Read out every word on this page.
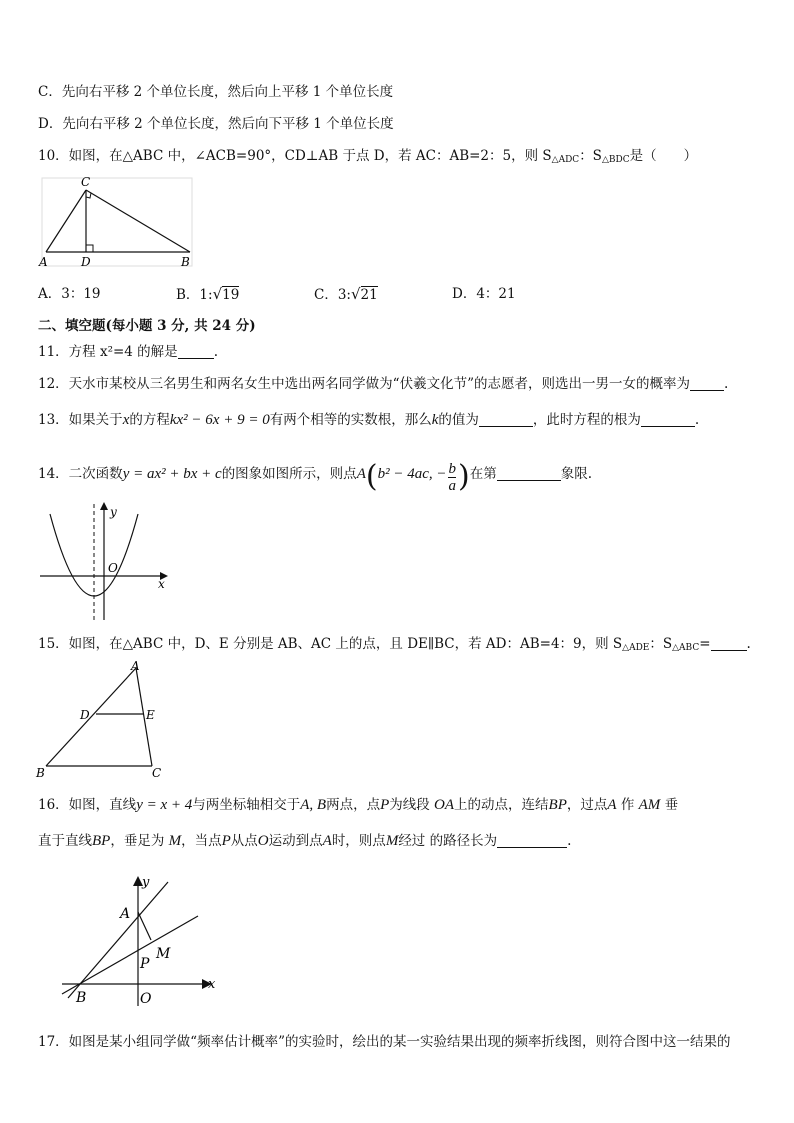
C．先向右平移 2 个单位长度，然后向上平移 1 个单位长度
D．先向右平移 2 个单位长度，然后向下平移 1 个单位长度
10．如图，在△ABC 中，∠ACB=90°，CD⊥AB 于点 D，若 AC：AB=2：5，则 $S_{\triangle ADC}$：$S_{\triangle BDC}$是（　　）
C
A	D	B
A．3：19	B．1:√19	C．3:√21	D．4：21
二、填空题(每小题 3 分, 共 24 分)
11．方程 x²=4 的解是	.
12．天水市某校从三名男生和两名女生中选出两名同学做为“伏羲文化节”的志愿者，则选出一男一女的概率为	.
13．如果关于x的方程kx² − 6x + 9 = 0有两个相等的实数根，那么k的值为	，此时方程的根为	.
14．二次函数y = ax² + bx + c的图象如图所示，则点A(b² − 4ac, − $\frac{b}{a}$ )在第	象限.
y
O
x
15．如图，在△ABC 中，D、E 分别是 AB、AC 上的点，且 DE∥BC，若 AD：AB=4：9，则 $S_{\triangle ADE}$：$S_{\triangle ABC}=$	.
A
D	E
B	C
16．如图，直线y = x + 4与两坐标轴相交于A, B两点，点P为线段 OA上的动点，连结BP，过点A 作 AM 垂
直于直线BP，垂足为 M，当点P从点O运动到点A时，则点M经过 的路径长为	.
y
A
M
P
x
B	O
17．如图是某小组同学做“频率估计概率”的实验时，绘出的某一实验结果出现的频率折线图，则符合图中这一结果的
